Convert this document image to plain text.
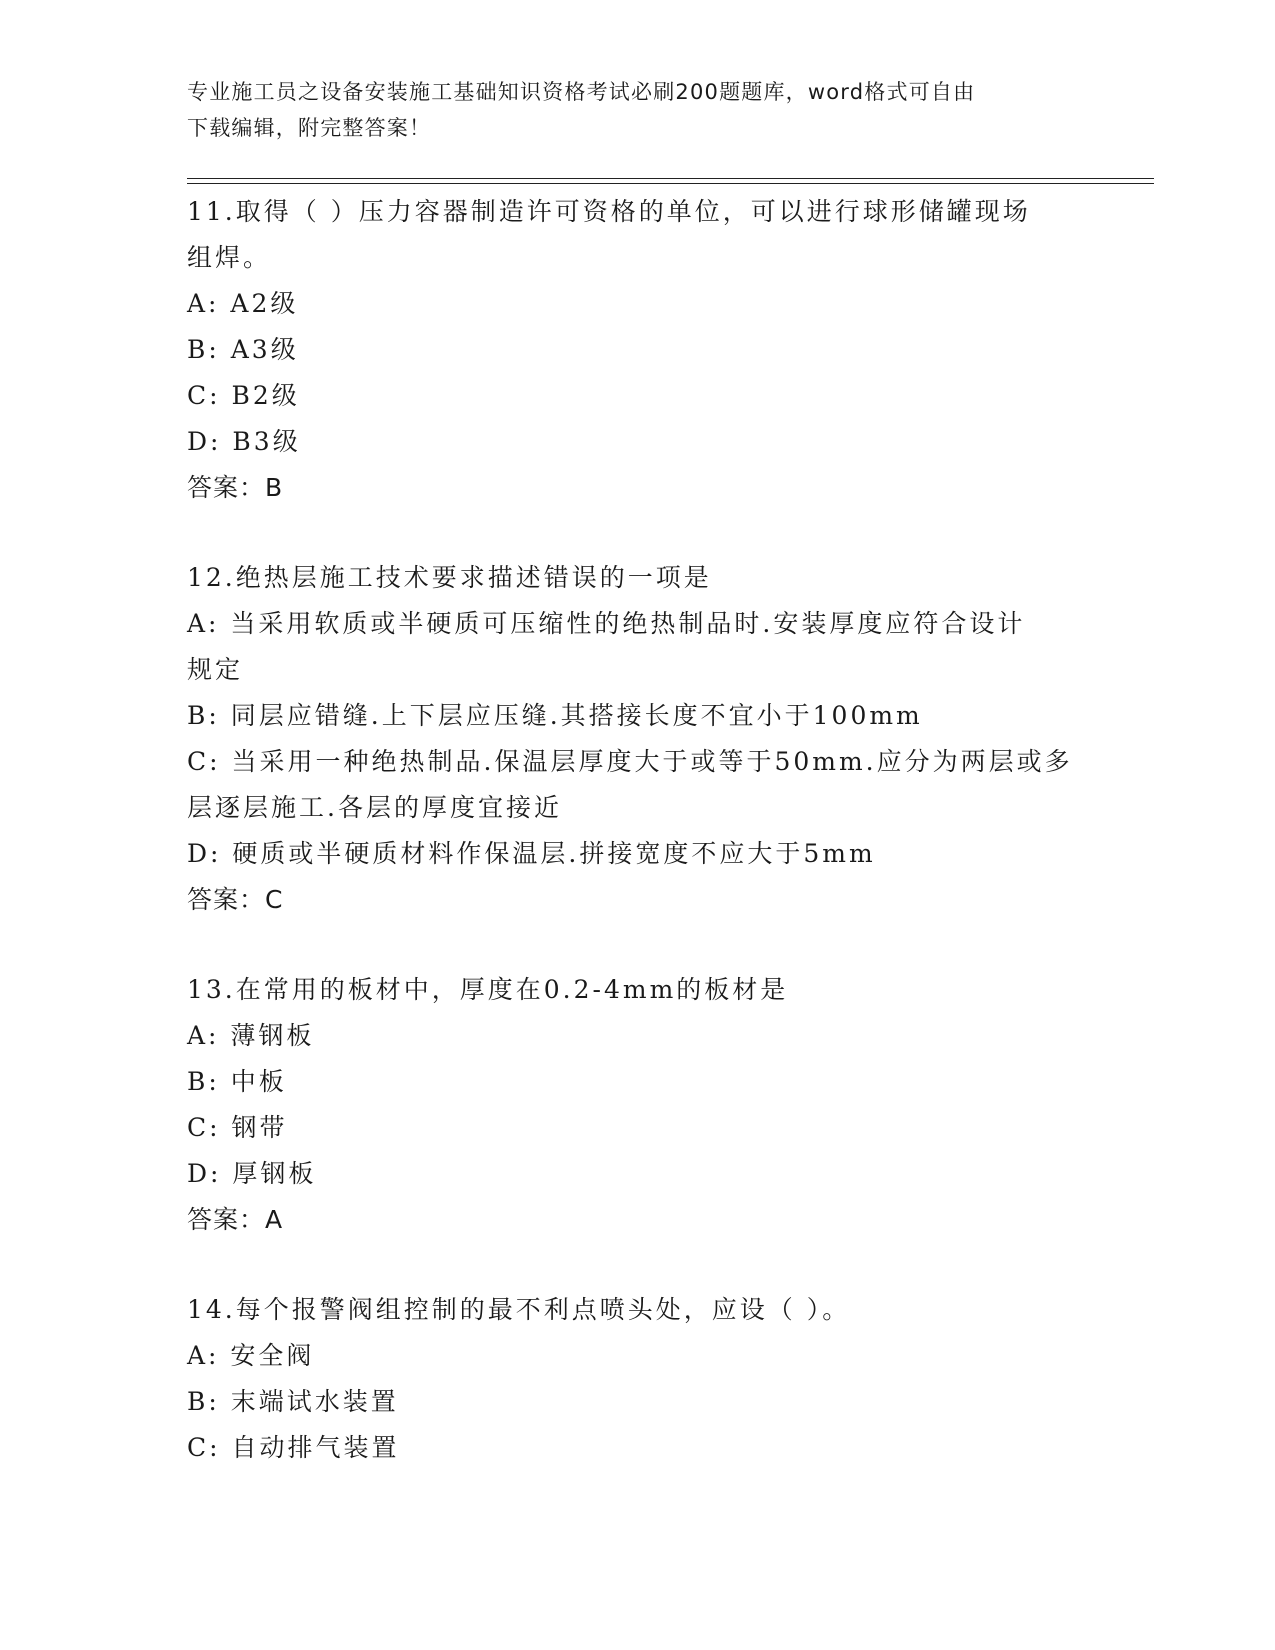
专业施工员之设备安装施工基础知识资格考试必刷200题题库，word格式可自由
下载编辑，附完整答案！
11.取得（ ）压力容器制造许可资格的单位，可以进行球形储罐现场
组焊。
A: A2级
B: A3级
C: B2级
D: B3级
答案：B
12.绝热层施工技术要求描述错误的一项是
A: 当采用软质或半硬质可压缩性的绝热制品时.安装厚度应符合设计
规定
B: 同层应错缝.上下层应压缝.其搭接长度不宜小于100mm
C: 当采用一种绝热制品.保温层厚度大于或等于50mm.应分为两层或多
层逐层施工.各层的厚度宜接近
D: 硬质或半硬质材料作保温层.拼接宽度不应大于5mm
答案：C
13.在常用的板材中，厚度在0.2-4mm的板材是
A: 薄钢板
B: 中板
C: 钢带
D: 厚钢板
答案：A
14.每个报警阀组控制的最不利点喷头处，应设（ ）。
A: 安全阀
B: 末端试水装置
C: 自动排气装置
